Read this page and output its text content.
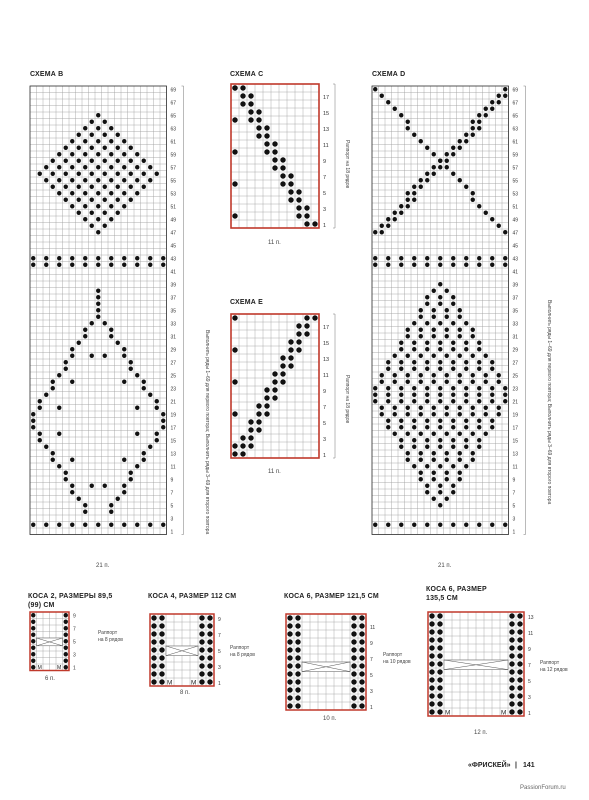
СХЕМА B
1
3
5
7
9
11
13
15
17
19
21
23
25
27
29
31
33
35
37
39
41
43
45
47
49
51
53
55
57
59
61
63
65
67
69
21 п.
Выполнить ряды 1–69 для первого повтора; Выполнить ряды 3–69 для второго повтора
СХЕМА C
1
3
5
7
9
11
13
15
17
11 п.
Раппорт на 18 рядов
СХЕМА E
1
3
5
7
9
11
13
15
17
11 п.
Раппорт на 18 рядов
СХЕМА D
1
3
5
7
9
11
13
15
17
19
21
23
25
27
29
31
33
35
37
39
41
43
45
47
49
51
53
55
57
59
61
63
65
67
69
21 п.
Выполнить ряды 1–69 для первого повтора; Выполнить ряды 3–69 для второго повтора
КОСА 2, РАЗМЕРЫ 89,5
(99) СМ
M	M 1
3
5
7
9
6 п.
Раппорт
на 8 рядов
КОСА 4, РАЗМЕР 112 СМ
M	M	1
3
5
7
9
8 п.
Раппорт
на 8 рядов
КОСА 6, РАЗМЕР 121,5 СМ
1
3
5
7
9
11
10 п.
Раппорт
на 10 рядов
КОСА 6, РАЗМЕР
135,5 СМ
M	M	1
3
5
7
9
11
13
12 п.
Раппорт
на 12 рядов
«ФРИСКЕЙ» | 141
PassionForum.ru
